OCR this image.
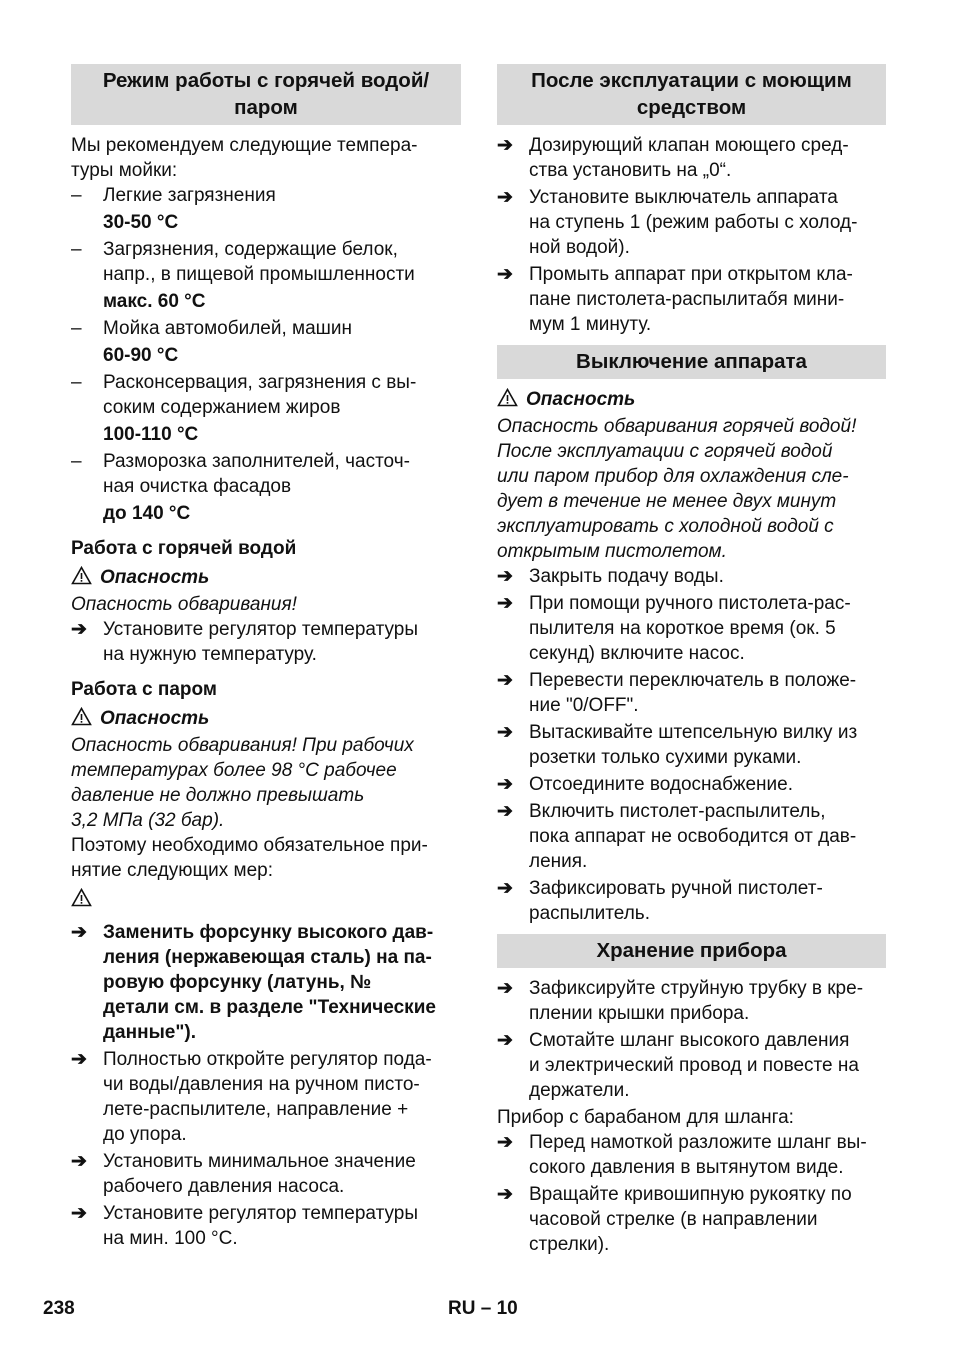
Режим работы с горячей водой/ паром
Мы рекомендуем следующие темпера-
туры мойки:
– Легкие загрязнения
30-50 °C
– Загрязнения, содержащие белок,
напр., в пищевой промышленности
макс. 60 °C
– Мойка автомобилей, машин
60-90 °C
– Расконсервация, загрязнения с вы-
соким содержанием жиров
100-110 °C
– Разморозка заполнителей, часточ-
ная очистка фасадов
до 140 °C
Работа с горячей водой
Опасность
Опасность обваривания!
➔ Установите регулятор температуры
на нужную температуру.
Работа с паром
Опасность
Опасность обваривания! При рабочих
температурах более 98 °C рабочее
давление не должно превышать
3,2 МПа (32 бар).
Поэтому необходимо обязательное при-
нятие следующих мер:
➔ Заменить форсунку высокого дав-
ления (нержавеющая сталь) на па-
ровую форсунку (латунь, №
детали см. в разделе "Технические
данные").
➔ Полностью откройте регулятор пода-
чи воды/давления на ручном писто-
лете-распылителе, направление +
до упора.
➔ Установить минимальное значение
рабочего давления насоса.
➔ Установите регулятор температуры
на мин. 100 °C.
После эксплуатации с моющим средством
➔ Дозирующий клапан моющего сред-
ства установить на „0“.
➔ Установите выключатель аппарата
на ступень 1 (режим работы с холод-
ной водой).
➔ Промыть аппарат при открытом кла-
пане пистолета-распылитаőя мини-
мум 1 минуту.
Выключение аппарата
Опасность
Опасность обваривания горячей водой!
После эксплуатации с горячей водой
или паром прибор для охлаждения сле-
дует в течение не менее двух минут
эксплуатировать с холодной водой с
открытым пистолетом.
➔ Закрыть подачу воды.
➔ При помощи ручного пистолета-рас-
пылителя на короткое время (ок. 5
секунд) включите насос.
➔ Перевести переключатель в положе-
ние "0/OFF".
➔ Вытаскивайте штепсельную вилку из
розетки только сухими руками.
➔ Отсоедините водоснабжение.
➔ Включить пистолет-распылитель,
пока аппарат не освободится от дав-
ления.
➔ Зафиксировать ручной пистолет-
распылитель.
Хранение прибора
➔ Зафиксируйте струйную трубку в кре-
плении крышки прибора.
➔ Смотайте шланг высокого давления
и электрический провод и повесте на
держатели.
Прибор с барабаном для шланга:
➔ Перед намоткой разложите шланг вы-
сокого давления в вытянутом виде.
➔ Вращайте кривошипную рукоятку по
часовой стрелке (в направлении
стрелки).
238	RU – 10
